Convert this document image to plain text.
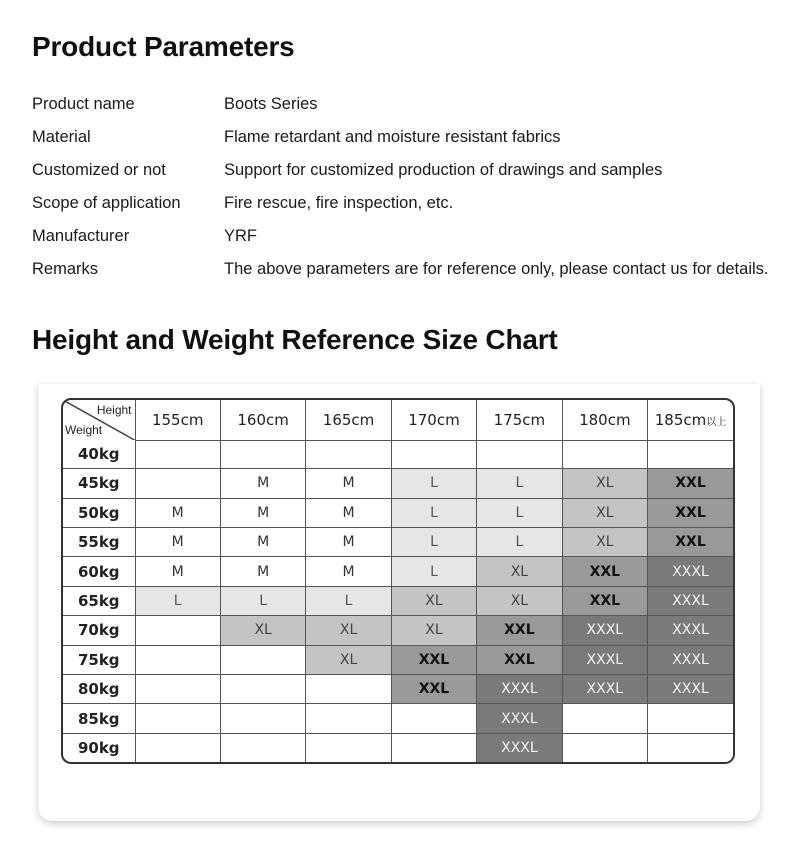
Product Parameters
Product name	Boots Series
Material	Flame retardant and moisture resistant fabrics
Customized or not	Support for customized production of drawings and samples
Scope of application	Fire rescue, fire inspection, etc.
Manufacturer	YRF
Remarks	The above parameters are for reference only, please contact us for details.
Height and Weight Reference Size Chart
Height
Weight	155cm	160cm	165cm	170cm	175cm	180cm	185cm以上
40kg							
45kg		M	M	L	L	XL	XXL
50kg	M	M	M	L	L	XL	XXL
55kg	M	M	M	L	L	XL	XXL
60kg	M	M	M	L	XL	XXL	XXXL
65kg	L	L	L	XL	XL	XXL	XXXL
70kg		XL	XL	XL	XXL	XXXL	XXXL
75kg			XL	XXL	XXL	XXXL	XXXL
80kg				XXL	XXXL	XXXL	XXXL
85kg					XXXL		
90kg					XXXL		
